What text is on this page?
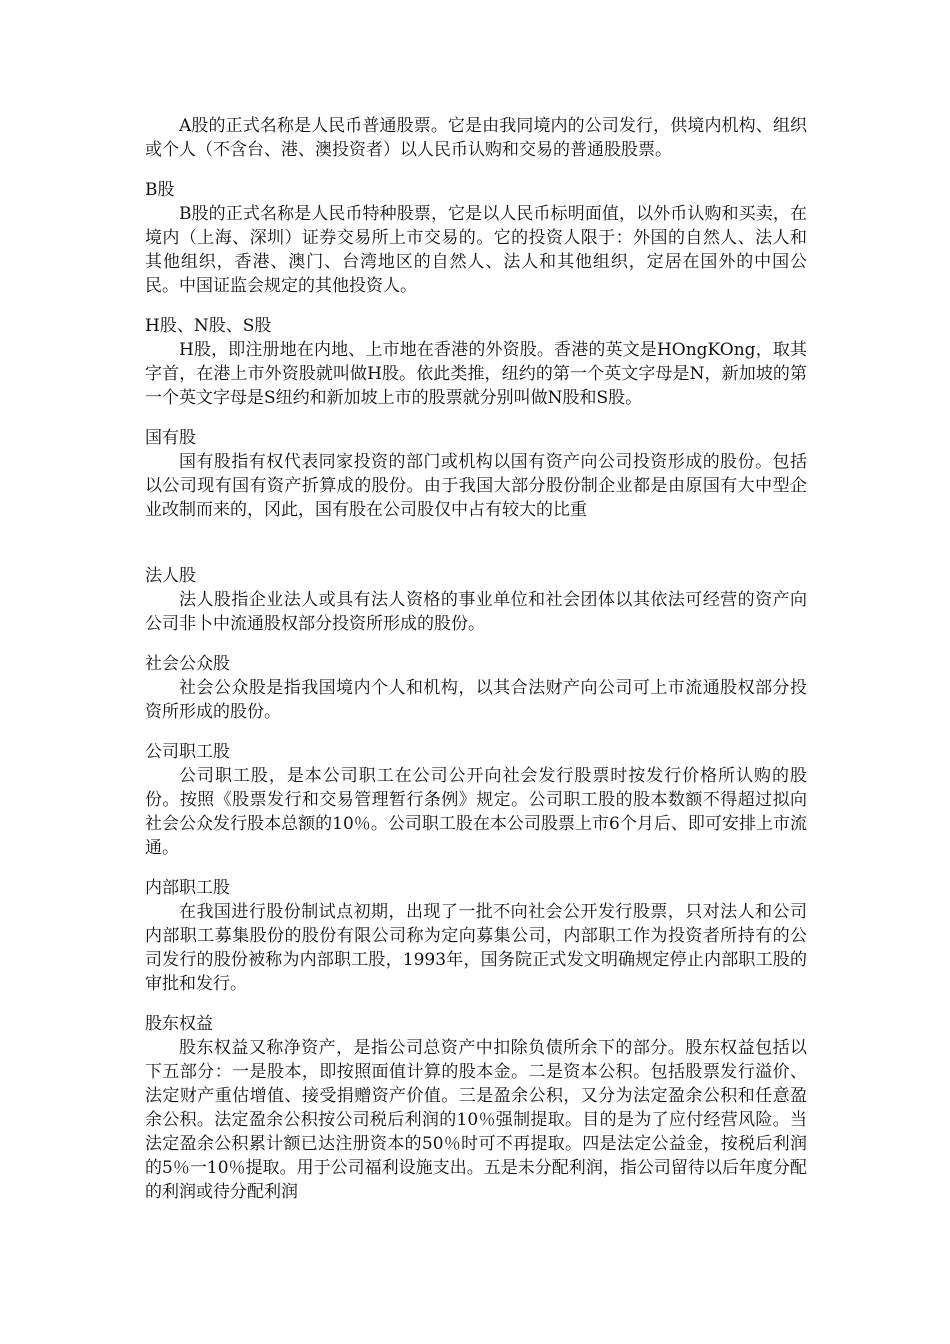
A股的正式名称是人民币普通股票。它是由我同境内的公司发行，供境内机构、组织或个人（不含台、港、澳投资者）以人民币认购和交易的普通股股票。

B股

B股的正式名称是人民币特种股票，它是以人民币标明面值，以外币认购和买卖，在境内（上海、深圳）证券交易所上市交易的。它的投资人限于：外国的自然人、法人和其他组织，香港、澳门、台湾地区的自然人、法人和其他组织，定居在国外的中国公民。中国证监会规定的其他投资人。

H股、N股、S股

H股，即注册地在内地、上市地在香港的外资股。香港的英文是HOngKOng，取其字首，在港上市外资股就叫做H股。依此类推，纽约的第一个英文字母是N，新加坡的第一个英文字母是S纽约和新加坡上市的股票就分别叫做N股和S股。

国有股

国有股指有权代表同家投资的部门或机构以国有资产向公司投资形成的股份。包括以公司现有国有资产折算成的股份。由于我国大部分股份制企业都是由原国有大中型企业改制而来的，冈此，国有股在公司股仅中占有较大的比重

法人股

法人股指企业法人或具有法人资格的事业单位和社会团体以其依法可经营的资产向公司非卜中流通股权部分投资所形成的股份。

社会公众股

社会公众股是指我国境内个人和机构，以其合法财产向公司可上市流通股权部分投资所形成的股份。

公司职工股

公司职工股，是本公司职工在公司公开向社会发行股票时按发行价格所认购的股份。按照《股票发行和交易管理暂行条例》规定。公司职工股的股本数额不得超过拟向社会公众发行股本总额的10％。公司职工股在本公司股票上市6个月后、即可安排上市流通。

内部职工股

在我国进行股份制试点初期，出现了一批不向社会公开发行股票，只对法人和公司内部职工募集股份的股份有限公司称为定向募集公司，内部职工作为投资者所持有的公司发行的股份被称为内部职工股，1993年，国务院正式发文明确规定停止内部职工股的审批和发行。

股东权益

股东权益又称净资产，是指公司总资产中扣除负债所余下的部分。股东权益包括以下五部分：一是股本，即按照面值计算的股本金。二是资本公积。包括股票发行溢价、法定财产重估增值、接受捐赠资产价值。三是盈余公积，又分为法定盈余公积和任意盈余公积。法定盈余公积按公司税后利润的10％强制提取。目的是为了应付经营风险。当法定盈余公积累计额已达注册资本的50％时可不再提取。四是法定公益金，按税后利润的5％一10％提取。用于公司福利设施支出。五是未分配利润，指公司留待以后年度分配的利润或待分配利润
